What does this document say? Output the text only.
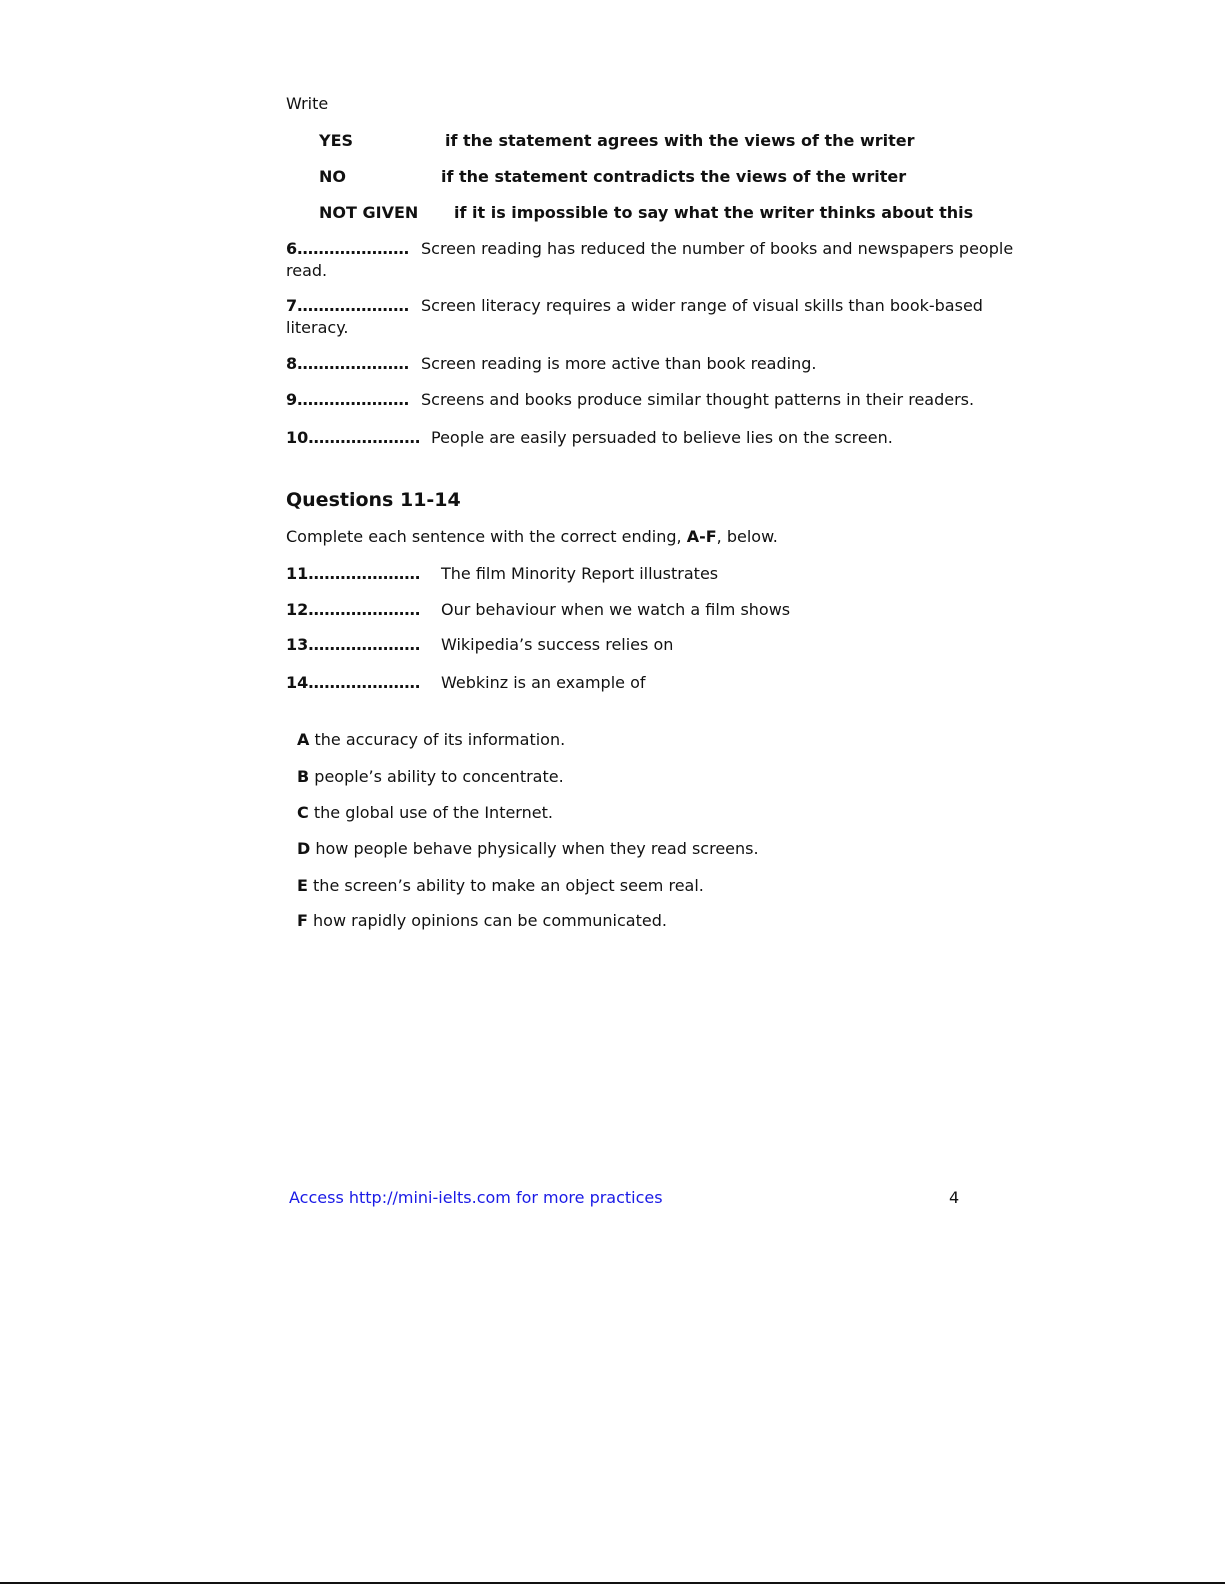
Write
YES	if the statement agrees with the views of the writer
NO	if the statement contradicts the views of the writer
NOT GIVEN if it is impossible to say what the writer thinks about this
6………………… Screen reading has reduced the number of books and newspapers people
read.
7………………… Screen literacy requires a wider range of visual skills than book-based
literacy.
8………………… Screen reading is more active than book reading.
9………………… Screens and books produce similar thought patterns in their readers.
10………………… People are easily persuaded to believe lies on the screen.
Questions 11-14
Complete each sentence with the correct ending, A-F, below.
11………………… The film Minority Report illustrates
12………………… Our behaviour when we watch a film shows
13………………… Wikipedia’s success relies on
14………………… Webkinz is an example of
A the accuracy of its information.
B people’s ability to concentrate.
C the global use of the Internet.
D how people behave physically when they read screens.
E the screen’s ability to make an object seem real.
F how rapidly opinions can be communicated.
Access http://mini-ielts.com for more practices	4
